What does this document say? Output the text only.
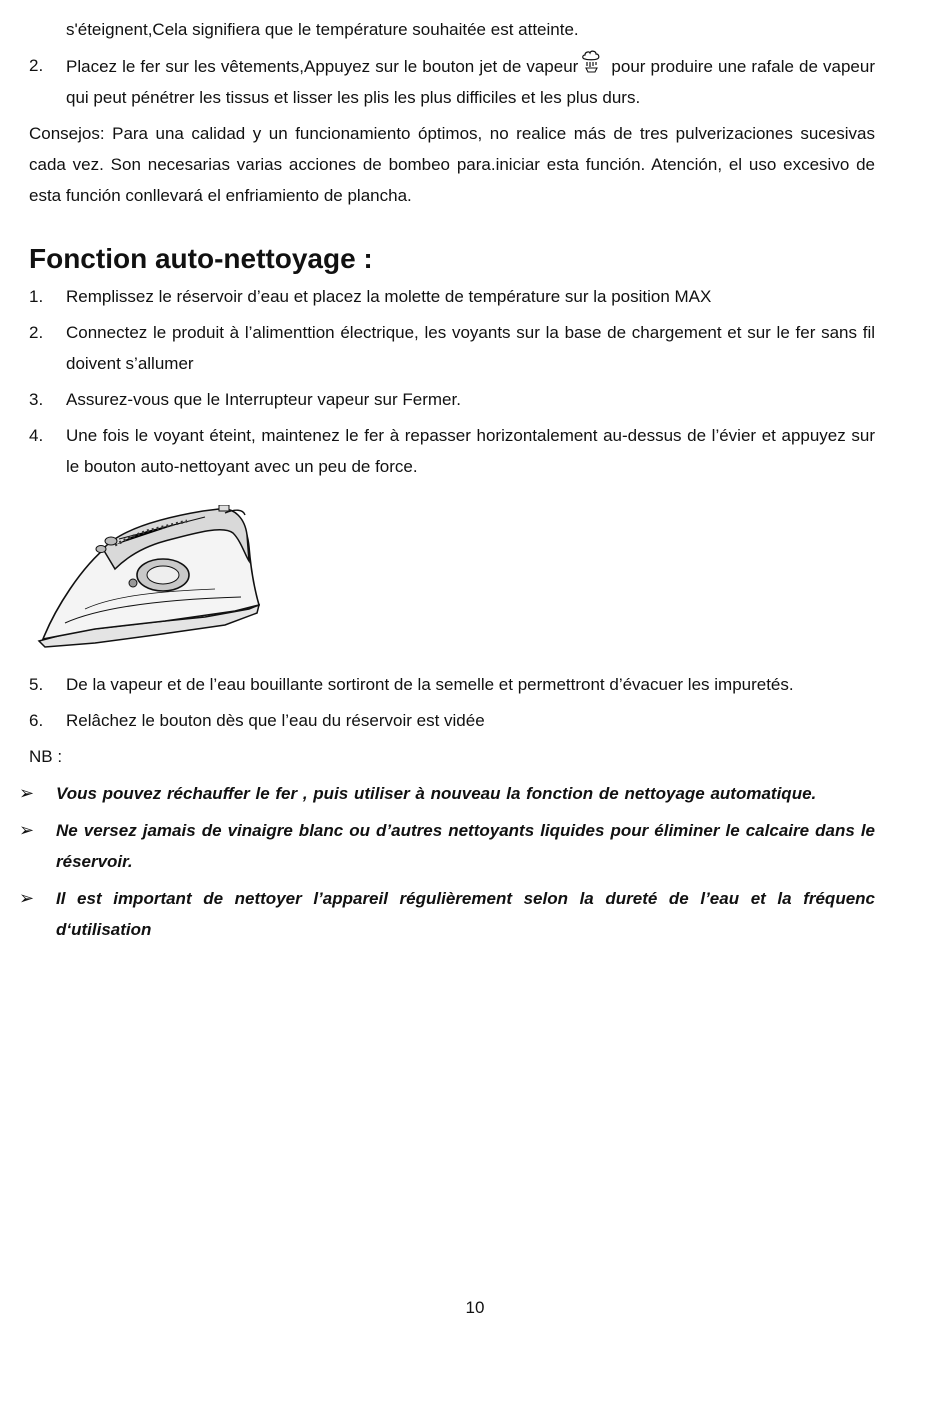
s'éteignent,Cela signifiera que le température souhaitée est atteinte.
2.	Placez le fer sur les vêtements,Appuyez sur le bouton jet de vapeur pour produire une rafale de vapeur qui peut pénétrer les tissus et lisser les plis les plus difficiles et les plus durs.

Consejos: Para una calidad y un funcionamiento óptimos, no realice más de tres pulverizaciones sucesivas cada vez. Son necesarias varias acciones de bombeo para.iniciar esta función. Atención, el uso excesivo de esta función conllevará el enfriamiento de plancha.

Fonction auto-nettoyage :
1.	Remplissez le réservoir d’eau et placez la molette de température sur la position MAX
2.	Connectez le produit à l’alimenttion électrique, les voyants sur la base de chargement et sur le fer sans fil doivent s’allumer
3.	Assurez-vous que le Interrupteur vapeur sur Fermer.
4.	Une fois le voyant éteint, maintenez le fer à repasser horizontalement au-dessus de l’évier et appuyez sur le bouton auto-nettoyant avec un peu de force.
5.	De la vapeur et de l’eau bouillante sortiront de la semelle et permettront d’évacuer les impuretés.
6.	Relâchez le bouton dès que l’eau du réservoir est vidée
NB :
➢	Vous pouvez réchauffer le fer , puis utiliser à nouveau la fonction de nettoyage automatique.
➢	Ne versez jamais de vinaigre blanc ou d’autres nettoyants liquides pour éliminer le calcaire dans le réservoir.
➢	Il est important de nettoyer l’appareil régulièrement selon la dureté de l’eau et la fréquenc d‘utilisation
10
